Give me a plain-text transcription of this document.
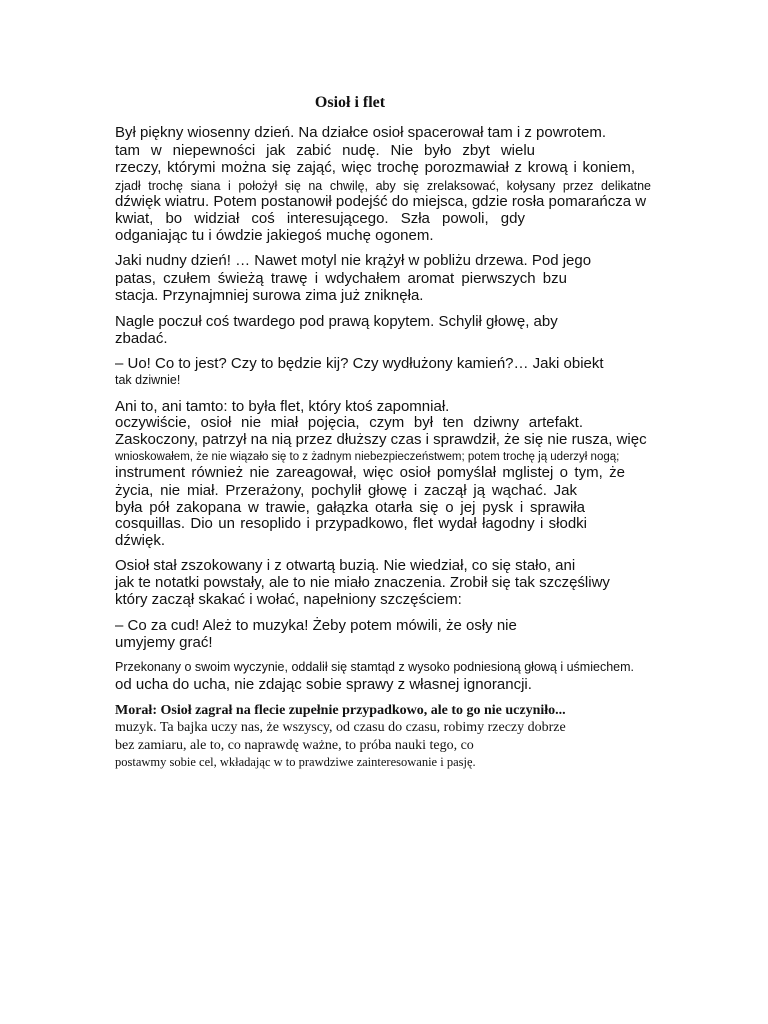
Osioł i flet
Był piękny wiosenny dzień. Na działce osioł spacerował tam i z powrotem.
tam w niepewności jak zabić nudę. Nie było zbyt wielu
rzeczy, którymi można się zająć, więc trochę porozmawiał z krową i koniem,
zjadł trochę siana i położył się na chwilę, aby się zrelaksować, kołysany przez delikatne
dźwięk wiatru. Potem postanowił podejść do miejsca, gdzie rosła pomarańcza w
kwiat, bo widział coś interesującego. Szła powoli, gdy
odganiając tu i ówdzie jakiegoś muchę ogonem.
Jaki nudny dzień! … Nawet motyl nie krążył w pobliżu drzewa. Pod jego
patas, czułem świeżą trawę i wdychałem aromat pierwszych bzu
stacja. Przynajmniej surowa zima już zniknęła.
Nagle poczuł coś twardego pod prawą kopytem. Schylił głowę, aby
zbadać.
– Uo! Co to jest? Czy to będzie kij? Czy wydłużony kamień?… Jaki obiekt
tak dziwnie!
Ani to, ani tamto: to była flet, który ktoś zapomniał.
oczywiście, osioł nie miał pojęcia, czym był ten dziwny artefakt.
Zaskoczony, patrzył na nią przez dłuższy czas i sprawdził, że się nie rusza, więc
wnioskowałem, że nie wiązało się to z żadnym niebezpieczeństwem; potem trochę ją uderzył nogą;
instrument również nie zareagował, więc osioł pomyślał mglistej o tym, że
życia, nie miał. Przerażony, pochylił głowę i zaczął ją wąchać. Jak
była pół zakopana w trawie, gałązka otarła się o jej pysk i sprawiła
cosquillas. Dio un resoplido i przypadkowo, flet wydał łagodny i słodki
dźwięk.
Osioł stał zszokowany i z otwartą buzią. Nie wiedział, co się stało, ani
jak te notatki powstały, ale to nie miało znaczenia. Zrobił się tak szczęśliwy
który zaczął skakać i wołać, napełniony szczęściem:
– Co za cud! Ależ to muzyka! Żeby potem mówili, że osły nie
umyjemy grać!
Przekonany o swoim wyczynie, oddalił się stamtąd z wysoko podniesioną głową i uśmiechem.
od ucha do ucha, nie zdając sobie sprawy z własnej ignorancji.
Morał: Osioł zagrał na flecie zupełnie przypadkowo, ale to go nie uczyniło...
muzyk. Ta bajka uczy nas, że wszyscy, od czasu do czasu, robimy rzeczy dobrze
bez zamiaru, ale to, co naprawdę ważne, to próba nauki tego, co
postawmy sobie cel, wkładając w to prawdziwe zainteresowanie i pasję.
